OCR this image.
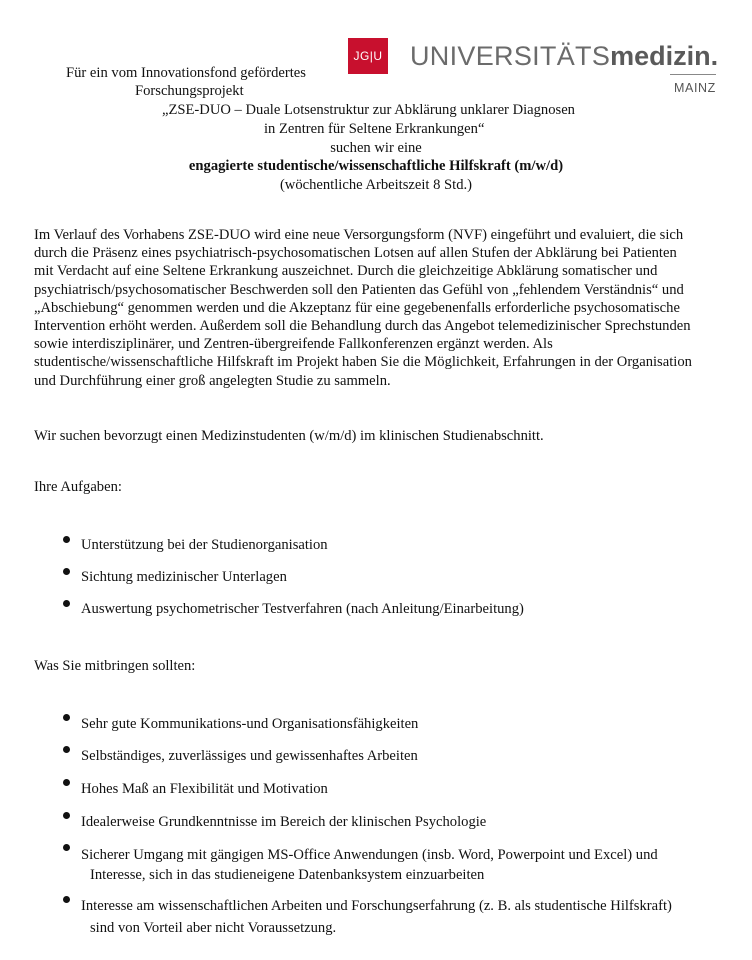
JG|U UNIVERSITÄTSmedizin.
MAINZ
Für ein vom Innovationsfond gefördertes
Forschungsprojekt
„ZSE-DUO – Duale Lotsenstruktur zur Abklärung unklarer Diagnosen
in Zentren für Seltene Erkrankungen“
suchen wir eine
engagierte studentische/wissenschaftliche Hilfskraft (m/w/d)
(wöchentliche Arbeitszeit 8 Std.)
Im Verlauf des Vorhabens ZSE-DUO wird eine neue Versorgungsform (NVF) eingeführt und evaluiert, die sich
durch die Präsenz eines psychiatrisch-psychosomatischen Lotsen auf allen Stufen der Abklärung bei Patienten
mit Verdacht auf eine Seltene Erkrankung auszeichnet. Durch die gleichzeitige Abklärung somatischer und
psychiatrisch/psychosomatischer Beschwerden soll den Patienten das Gefühl von „fehlendem Verständnis“ und
„Abschiebung“ genommen werden und die Akzeptanz für eine gegebenenfalls erforderliche psychosomatische
Intervention erhöht werden. Außerdem soll die Behandlung durch das Angebot telemedizinischer Sprechstunden
sowie interdisziplinärer, und Zentren-übergreifende Fallkonferenzen ergänzt werden. Als
studentische/wissenschaftliche Hilfskraft im Projekt haben Sie die Möglichkeit, Erfahrungen in der Organisation
und Durchführung einer groß angelegten Studie zu sammeln.
Wir suchen bevorzugt einen Medizinstudenten (w/m/d) im klinischen Studienabschnitt.
Ihre Aufgaben:
Unterstützung bei der Studienorganisation
Sichtung medizinischer Unterlagen
Auswertung psychometrischer Testverfahren (nach Anleitung/Einarbeitung)
Was Sie mitbringen sollten:
Sehr gute Kommunikations-und Organisationsfähigkeiten
Selbständiges, zuverlässiges und gewissenhaftes Arbeiten
Hohes Maß an Flexibilität und Motivation
Idealerweise Grundkenntnisse im Bereich der klinischen Psychologie
Sicherer Umgang mit gängigen MS-Office Anwendungen (insb. Word, Powerpoint und Excel) und
Interesse, sich in das studieneigene Datenbanksystem einzuarbeiten
Interesse am wissenschaftlichen Arbeiten und Forschungserfahrung (z. B. als studentische Hilfskraft)
sind von Vorteil aber nicht Voraussetzung.
